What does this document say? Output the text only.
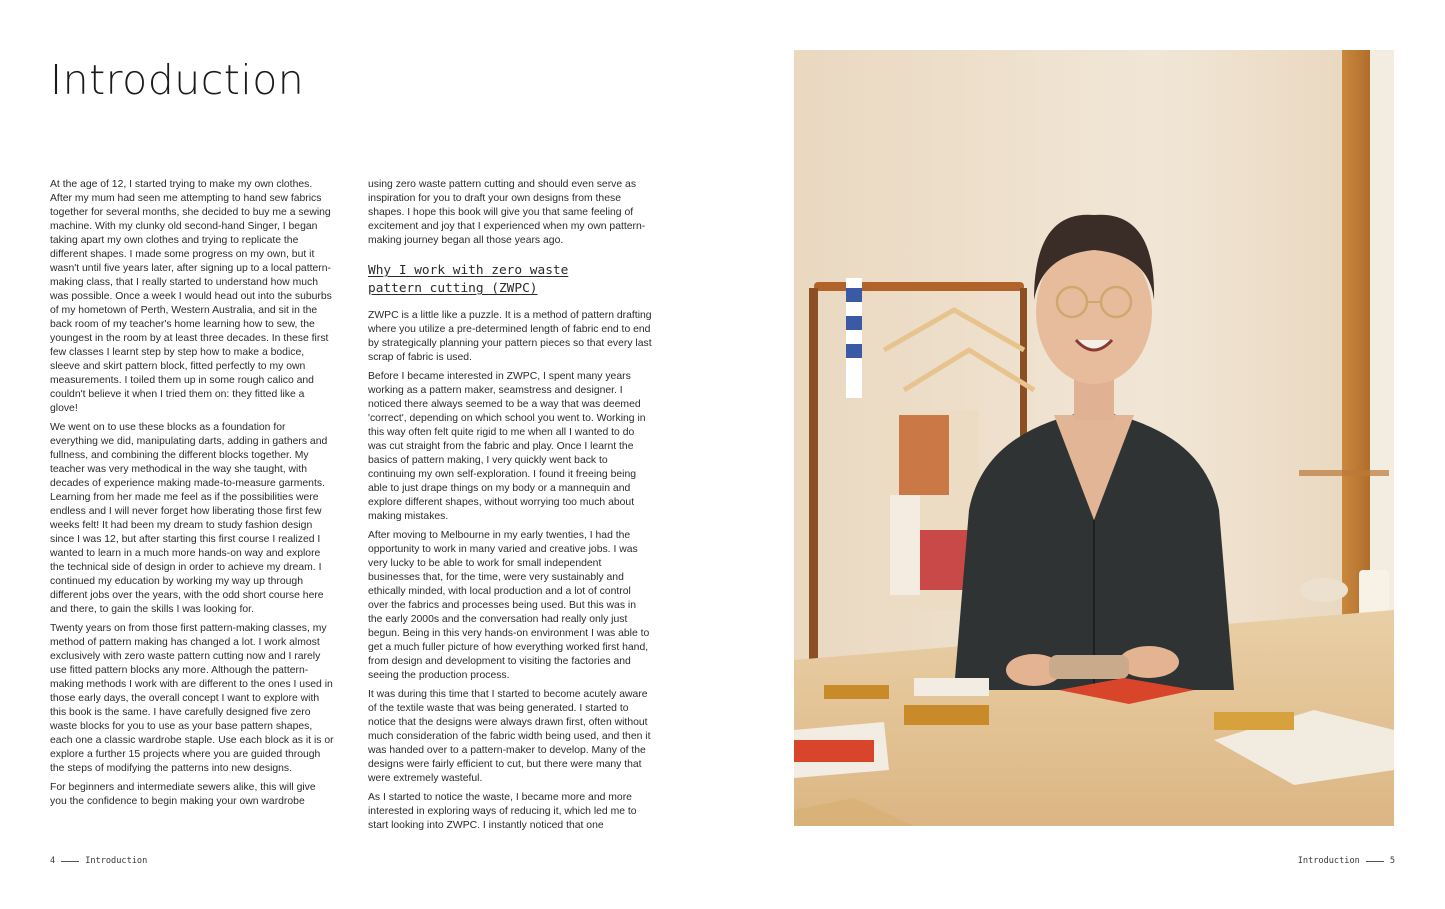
Introduction

At the age of 12, I started trying to make my own clothes. After my mum had seen me attempting to hand sew fabrics together for several months, she decided to buy me a sewing machine. With my clunky old second-hand Singer, I began taking apart my own clothes and trying to replicate the different shapes. I made some progress on my own, but it wasn't until five years later, after signing up to a local pattern-making class, that I really started to understand how much was possible. Once a week I would head out into the suburbs of my hometown of Perth, Western Australia, and sit in the back room of my teacher's home learning how to sew, the youngest in the room by at least three decades. In these first few classes I learnt step by step how to make a bodice, sleeve and skirt pattern block, fitted perfectly to my own measurements. I toiled them up in some rough calico and couldn't believe it when I tried them on: they fitted like a glove!

We went on to use these blocks as a foundation for everything we did, manipulating darts, adding in gathers and fullness, and combining the different blocks together. My teacher was very methodical in the way she taught, with decades of experience making made-to-measure garments. Learning from her made me feel as if the possibilities were endless and I will never forget how liberating those first few weeks felt! It had been my dream to study fashion design since I was 12, but after starting this first course I realized I wanted to learn in a much more hands-on way and explore the technical side of design in order to achieve my dream. I continued my education by working my way up through different jobs over the years, with the odd short course here and there, to gain the skills I was looking for.

Twenty years on from those first pattern-making classes, my method of pattern making has changed a lot. I work almost exclusively with zero waste pattern cutting now and I rarely use fitted pattern blocks any more. Although the pattern-making methods I work with are different to the ones I used in those early days, the overall concept I want to explore with this book is the same. I have carefully designed five zero waste blocks for you to use as your base pattern shapes, each one a classic wardrobe staple. Use each block as it is or explore a further 15 projects where you are guided through the steps of modifying the patterns into new designs.

For beginners and intermediate sewers alike, this will give you the confidence to begin making your own wardrobe

using zero waste pattern cutting and should even serve as inspiration for you to draft your own designs from these shapes. I hope this book will give you that same feeling of excitement and joy that I experienced when my own pattern-making journey began all those years ago.

Why I work with zero waste
pattern cutting (ZWPC)

ZWPC is a little like a puzzle. It is a method of pattern drafting where you utilize a pre-determined length of fabric end to end by strategically planning your pattern pieces so that every last scrap of fabric is used.

Before I became interested in ZWPC, I spent many years working as a pattern maker, seamstress and designer. I noticed there always seemed to be a way that was deemed 'correct', depending on which school you went to. Working in this way often felt quite rigid to me when all I wanted to do was cut straight from the fabric and play. Once I learnt the basics of pattern making, I very quickly went back to continuing my own self-exploration. I found it freeing being able to just drape things on my body or a mannequin and explore different shapes, without worrying too much about making mistakes.

After moving to Melbourne in my early twenties, I had the opportunity to work in many varied and creative jobs. I was very lucky to be able to work for small independent businesses that, for the time, were very sustainably and ethically minded, with local production and a lot of control over the fabrics and processes being used. But this was in the early 2000s and the conversation had really only just begun. Being in this very hands-on environment I was able to get a much fuller picture of how everything worked first hand, from design and development to visiting the factories and seeing the production process.

It was during this time that I started to become acutely aware of the textile waste that was being generated. I started to notice that the designs were always drawn first, often without much consideration of the fabric width being used, and then it was handed over to a pattern-maker to develop. Many of the designs were fairly efficient to cut, but there were many that were extremely wasteful.

As I started to notice the waste, I became more and more interested in exploring ways of reducing it, which led me to start looking into ZWPC. I instantly noticed that one

4	Introduction	Introduction	5
